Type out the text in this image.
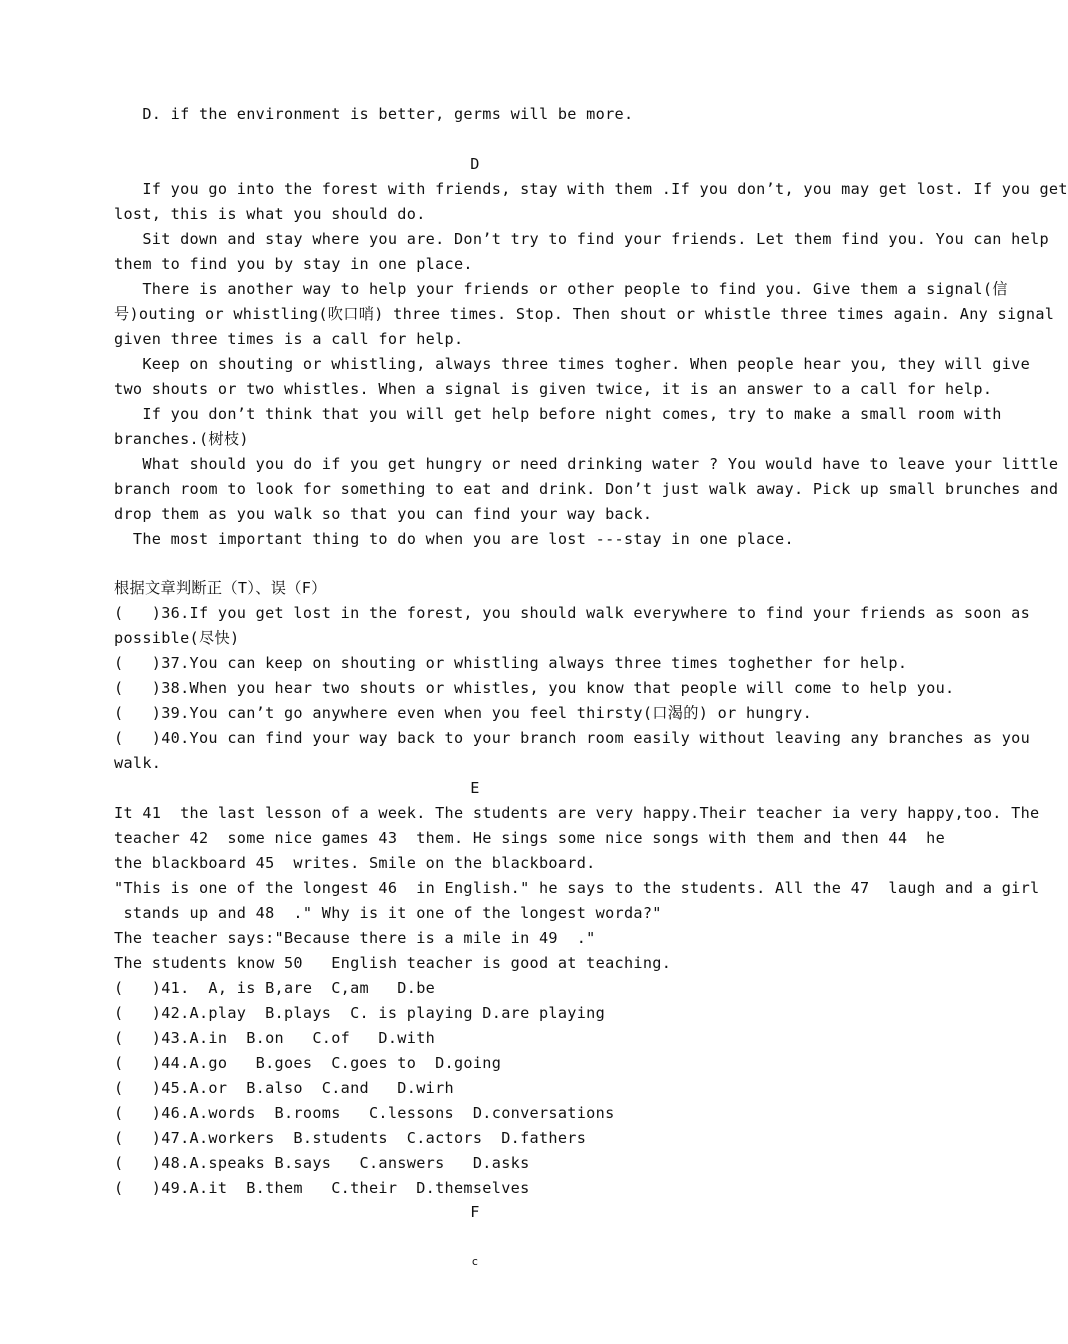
D. if the environment is better, germs will be more.
D
If you go into the forest with friends, stay with them .If you don’t, you may get lost. If you get
lost, this is what you should do.
Sit down and stay where you are. Don’t try to find your friends. Let them find you. You can help
them to find you by stay in one place.
There is another way to help your friends or other people to find you. Give them a signal(信
号)outing or whistling(吹口哨) three times. Stop. Then shout or whistle three times again. Any signal
given three times is a call for help.
Keep on shouting or whistling, always three times togher. When people hear you, they will give
two shouts or two whistles. When a signal is given twice, it is an answer to a call for help.
If you don’t think that you will get help before night comes, try to make a small room with
branches.(树枝)
What should you do if you get hungry or need drinking water ? You would have to leave your little
branch room to look for something to eat and drink. Don’t just walk away. Pick up small brunches and
drop them as you walk so that you can find your way back.
The most important thing to do when you are lost ---stay in one place.
根据文章判断正（T）、误（F）
(   )36.If you get lost in the forest, you should walk everywhere to find your friends as soon as
possible(尽快)
(   )37.You can keep on shouting or whistling always three times toghether for help.
(   )38.When you hear two shouts or whistles, you know that people will come to help you.
(   )39.You can’t go anywhere even when you feel thirsty(口渴的) or hungry.
(   )40.You can find your way back to your branch room easily without leaving any branches as you
walk.
E
It 41  the last lesson of a week. The students are very happy.Their teacher ia very happy,too. The
teacher 42  some nice games 43  them. He sings some nice songs with them and then 44  he
the blackboard 45  writes. Smile on the blackboard.
"This is one of the longest 46  in English." he says to the students. All the 47  laugh and a girl
stands up and 48  ." Why is it one of the longest worda?"
The teacher says:"Because there is a mile in 49  ."
The students know 50   English teacher is good at teaching.
(   )41.  A, is B,are  C,am   D.be
(   )42.A.play  B.plays  C. is playing D.are playing
(   )43.A.in  B.on   C.of   D.with
(   )44.A.go   B.goes  C.goes to  D.going
(   )45.A.or  B.also  C.and   D.wirh
(   )46.A.words  B.rooms   C.lessons  D.conversations
(   )47.A.workers  B.students  C.actors  D.fathers
(   )48.A.speaks B.says   C.answers   D.asks
(   )49.A.it  B.them   C.their  D.themselves
F
c
